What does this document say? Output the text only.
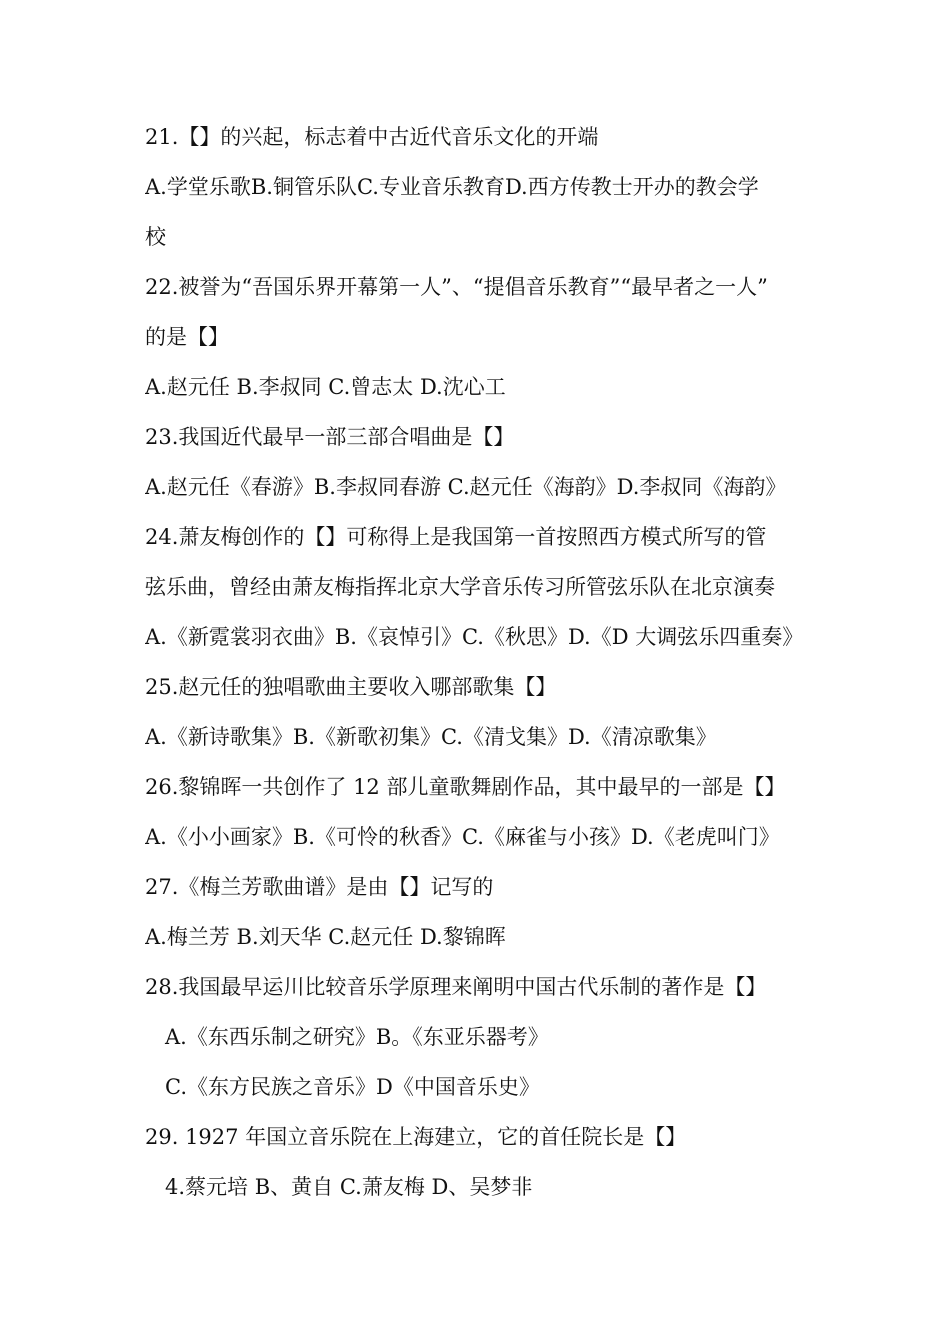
21.【】的兴起，标志着中古近代音乐文化的开端
A.学堂乐歌B.铜管乐队C.专业音乐教育D.西方传教士开办的教会学
校
22.被誉为“吾国乐界开幕第一人”、“提倡音乐教育”“最早者之一人”
的是【】
A.赵元任 B.李叔同 C.曾志太 D.沈心工
23.我国近代最早一部三部合唱曲是【】
A.赵元任《春游》B.李叔同春游 C.赵元任《海韵》D.李叔同《海韵》
24.萧友梅创作的【】可称得上是我国第一首按照西方模式所写的管
弦乐曲，曾经由萧友梅指挥北京大学音乐传习所管弦乐队在北京演奏
A.《新霓裳羽衣曲》B.《哀悼引》C.《秋思》D.《D 大调弦乐四重奏》
25.赵元任的独唱歌曲主要收入哪部歌集【】
A.《新诗歌集》B.《新歌初集》C.《清戈集》D.《清凉歌集》
26.黎锦晖一共创作了 12 部儿童歌舞剧作品，其中最早的一部是【】
A.《小小画家》B.《可怜的秋香》C.《麻雀与小孩》D.《老虎叫门》
27.《梅兰芳歌曲谱》是由【】记写的
A.梅兰芳 B.刘天华 C.赵元任 D.黎锦晖
28.我国最早运川比较音乐学原理来阐明中国古代乐制的著作是【】
A.《东西乐制之研究》B。《东亚乐器考》
C.《东方民族之音乐》D《中国音乐史》
29. 1927 年国立音乐院在上海建立，它的首任院长是【】
4.蔡元培 B、黄自 C.萧友梅 D、吴梦非
